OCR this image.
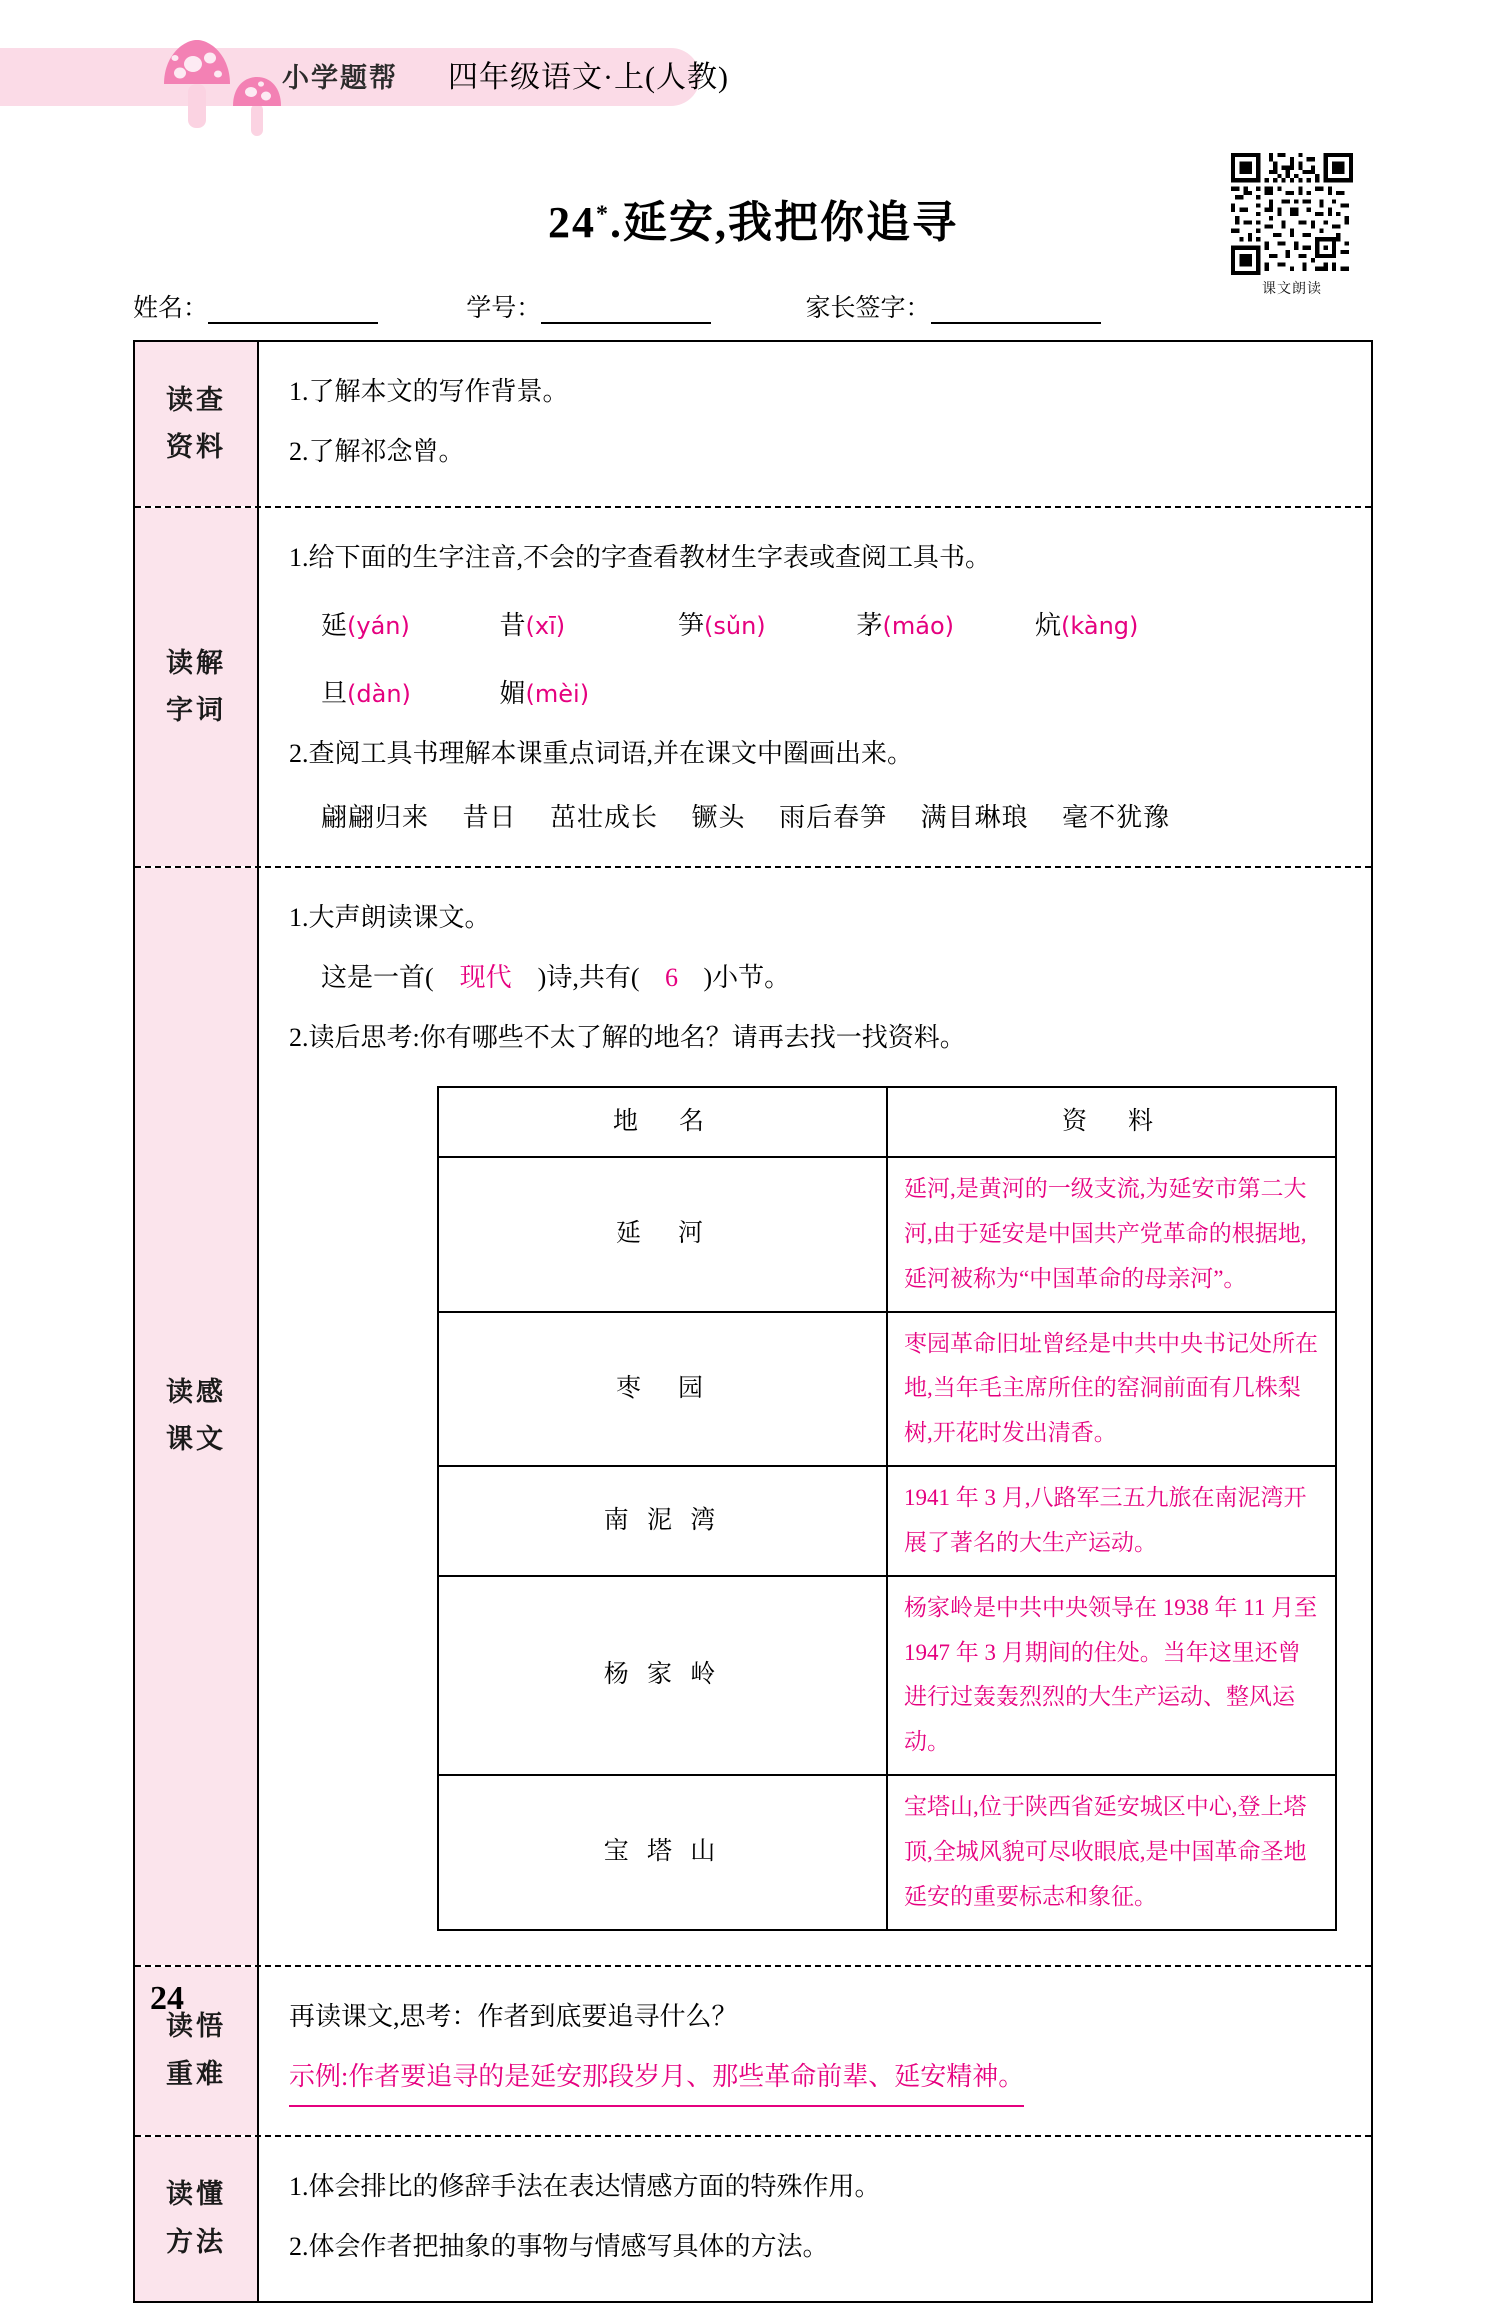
小学题帮 四年级语文·上(人教)
课文朗读
24*.延安,我把你追寻
姓名：	学号：	家长签字：
读查
资料
1.了解本文的写作背景。
2.了解祁念曾。
读解
字词
1.给下面的生字注音,不会的字查看教材生字表或查阅工具书。
延(yán)	昔(xī)	笋(sǔn)	茅(máo)	炕(kàng)
旦(dàn)	媚(mèi)
2.查阅工具书理解本课重点词语,并在课文中圈画出来。
翩翩归来 昔日 茁壮成长 镢头 雨后春笋 满目琳琅 毫不犹豫
读感
课文
1.大声朗读课文。
这是一首( 现代 )诗,共有( 6 )小节。
2.读后思考:你有哪些不太了解的地名？请再去找一找资料。
地　名	资　料
延　河	延河,是黄河的一级支流,为延安市第二大河,由于延安是中国共产党革命的根据地,延河被称为“中国革命的母亲河”。
枣　园	枣园革命旧址曾经是中共中央书记处所在地,当年毛主席所住的窑洞前面有几株梨树,开花时发出清香。
南 泥 湾	1941 年 3 月,八路军三五九旅在南泥湾开展了著名的大生产运动。
杨 家 岭	杨家岭是中共中央领导在 1938 年 11 月至 1947 年 3 月期间的住处。当年这里还曾进行过轰轰烈烈的大生产运动、整风运动。
宝 塔 山	宝塔山,位于陕西省延安城区中心,登上塔顶,全城风貌可尽收眼底,是中国革命圣地延安的重要标志和象征。
读悟
重难
再读课文,思考：作者到底要追寻什么？
示例:作者要追寻的是延安那段岁月、那些革命前辈、延安精神。
读懂
方法
1.体会排比的修辞手法在表达情感方面的特殊作用。
2.体会作者把抽象的事物与情感写具体的方法。
24
